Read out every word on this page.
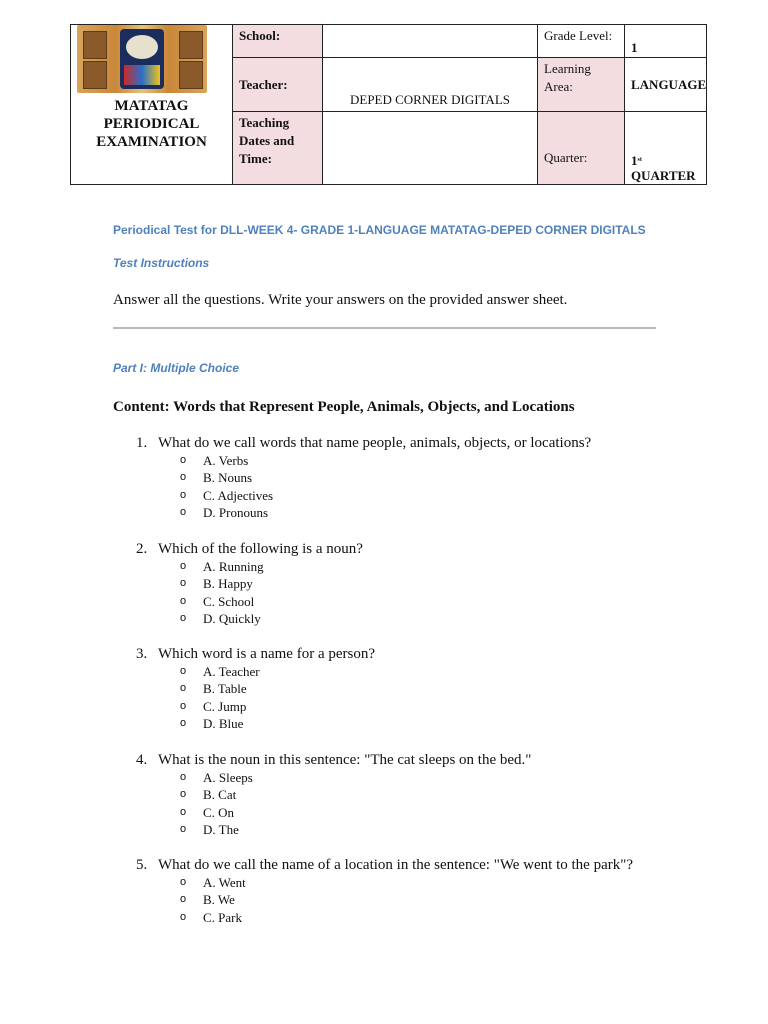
MATATAG
PERIODICAL
EXAMINATION	School:		Grade Level:	1
	Teacher:	DEPED CORNER DIGITALS	Learning Area:	LANGUAGE
	Teaching Dates and Time:		Quarter:	1st
QUARTER
Periodical Test for DLL-WEEK 4- GRADE 1-LANGUAGE MATATAG-DEPED CORNER DIGITALS
Test Instructions
Answer all the questions. Write your answers on the provided answer sheet.
Part I: Multiple Choice
Content: Words that Represent People, Animals, Objects, and Locations
1. What do we call words that name people, animals, objects, or locations?
o	A. Verbs
o	B. Nouns
o	C. Adjectives
o	D. Pronouns
2. Which of the following is a noun?
o	A. Running
o	B. Happy
o	C. School
o	D. Quickly
3. Which word is a name for a person?
o	A. Teacher
o	B. Table
o	C. Jump
o	D. Blue
4. What is the noun in this sentence: "The cat sleeps on the bed."
o	A. Sleeps
o	B. Cat
o	C. On
o	D. The
5. What do we call the name of a location in the sentence: "We went to the park"?
o	A. Went
o	B. We
o	C. Park
